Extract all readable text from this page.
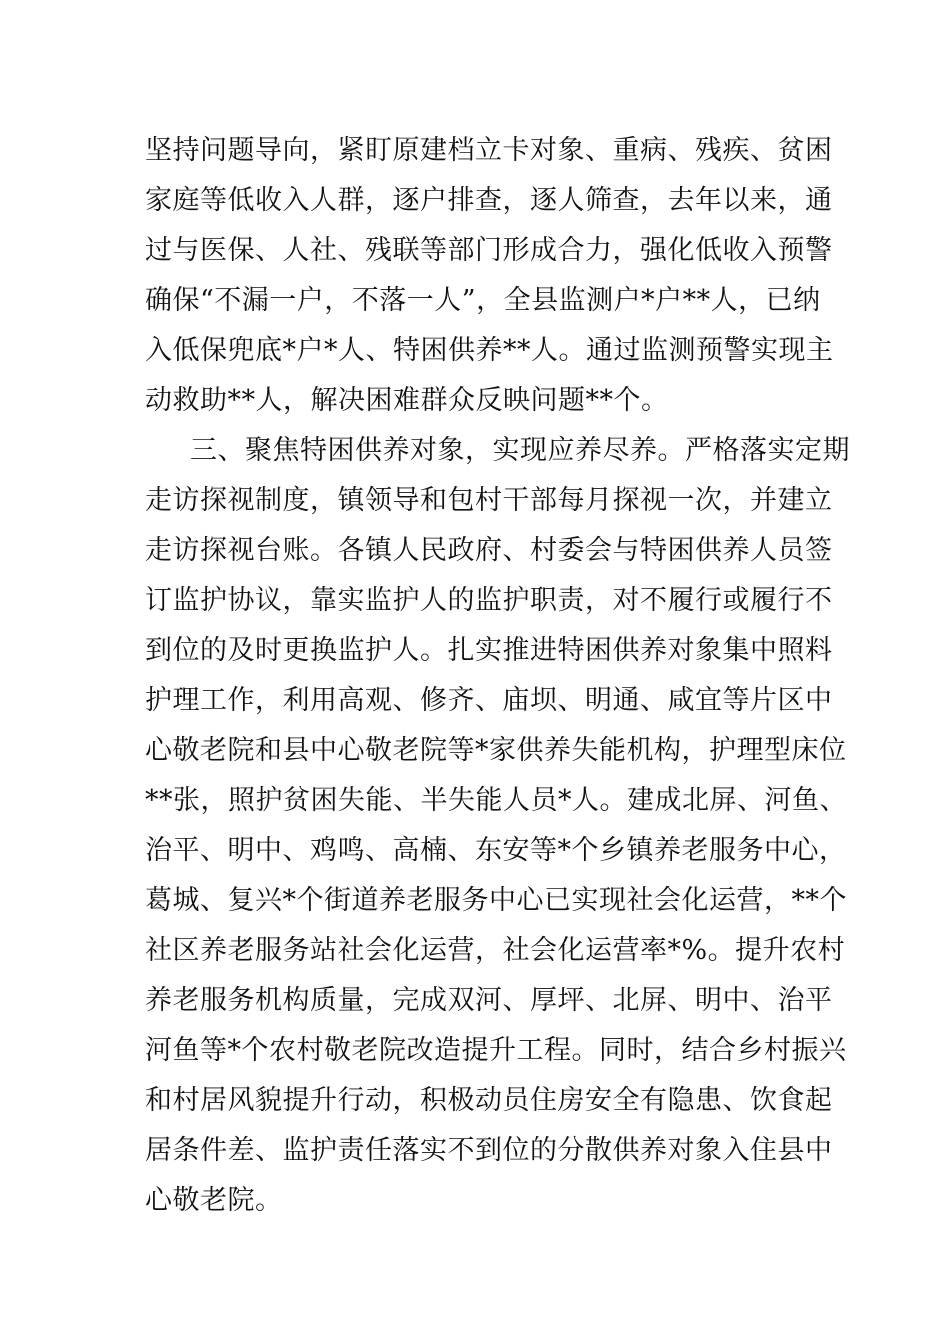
坚持问题导向，紧盯原建档立卡对象、重病、残疾、贫困
家庭等低收入人群，逐户排查，逐人筛查，去年以来，通
过与医保、人社、残联等部门形成合力，强化低收入预警
确保“不漏一户，不落一人”，全县监测户*户**人，已纳
入低保兜底*户*人、特困供养**人。通过监测预警实现主
动救助**人，解决困难群众反映问题**个。
三、聚焦特困供养对象，实现应养尽养。严格落实定期
走访探视制度，镇领导和包村干部每月探视一次，并建立
走访探视台账。各镇人民政府、村委会与特困供养人员签
订监护协议，靠实监护人的监护职责，对不履行或履行不
到位的及时更换监护人。扎实推进特困供养对象集中照料
护理工作，利用高观、修齐、庙坝、明通、咸宜等片区中
心敬老院和县中心敬老院等*家供养失能机构，护理型床位
**张，照护贫困失能、半失能人员*人。建成北屏、河鱼、
治平、明中、鸡鸣、高楠、东安等*个乡镇养老服务中心，
葛城、复兴*个街道养老服务中心已实现社会化运营，**个
社区养老服务站社会化运营，社会化运营率*%。提升农村
养老服务机构质量，完成双河、厚坪、北屏、明中、治平
河鱼等*个农村敬老院改造提升工程。同时，结合乡村振兴
和村居风貌提升行动，积极动员住房安全有隐患、饮食起
居条件差、监护责任落实不到位的分散供养对象入住县中
心敬老院。
